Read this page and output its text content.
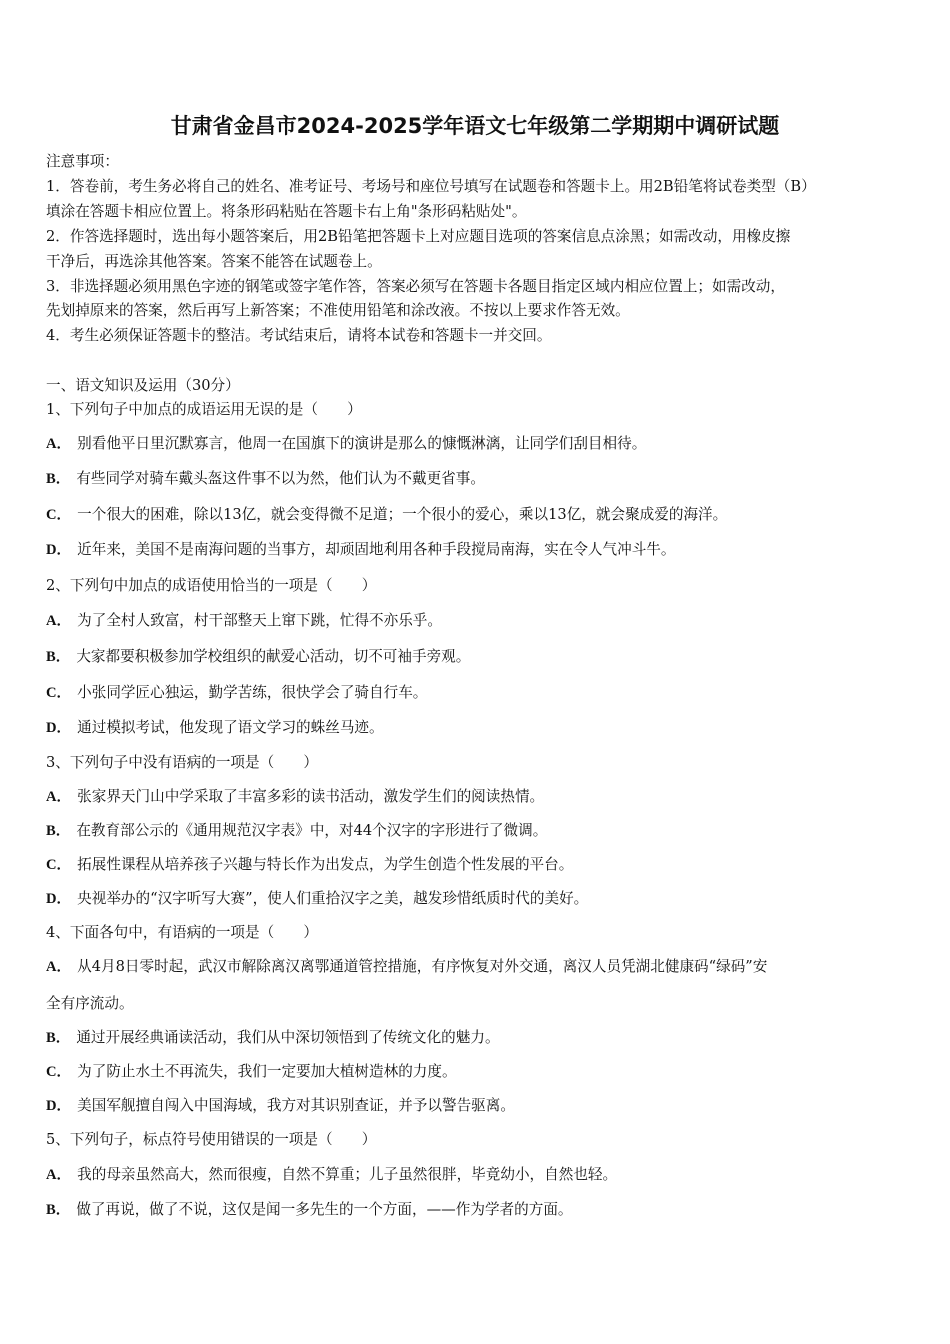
甘肃省金昌市2024-2025学年语文七年级第二学期期中调研试题
注意事项：
1．答卷前，考生务必将自己的姓名、准考证号、考场号和座位号填写在试题卷和答题卡上。用2B铅笔将试卷类型（B）
填涂在答题卡相应位置上。将条形码粘贴在答题卡右上角"条形码粘贴处"。
2．作答选择题时，选出每小题答案后，用2B铅笔把答题卡上对应题目选项的答案信息点涂黑；如需改动，用橡皮擦
干净后，再选涂其他答案。答案不能答在试题卷上。
3．非选择题必须用黑色字迹的钢笔或签字笔作答，答案必须写在答题卡各题目指定区域内相应位置上；如需改动，
先划掉原来的答案，然后再写上新答案；不准使用铅笔和涂改液。不按以上要求作答无效。
4．考生必须保证答题卡的整洁。考试结束后，请将本试卷和答题卡一并交回。
一、语文知识及运用（30分）
1、下列句子中加点的成语运用无误的是（　　）
A． 别看他平日里沉默寡言，他周一在国旗下的演讲是那么的慷慨淋漓，让同学们刮目相待。
B． 有些同学对骑车戴头盔这件事不以为然，他们认为不戴更省事。
C． 一个很大的困难，除以13亿，就会变得微不足道；一个很小的爱心，乘以13亿，就会聚成爱的海洋。
D． 近年来，美国不是南海问题的当事方，却顽固地利用各种手段搅局南海，实在令人气冲斗牛。
2、下列句中加点的成语使用恰当的一项是（　　）
A． 为了全村人致富，村干部整天上窜下跳，忙得不亦乐乎。
B． 大家都要积极参加学校组织的献爱心活动，切不可袖手旁观。
C． 小张同学匠心独运，勤学苦练，很快学会了骑自行车。
D． 通过模拟考试，他发现了语文学习的蛛丝马迹。
3、下列句子中没有语病的一项是（　　）
A． 张家界天门山中学采取了丰富多彩的读书活动，激发学生们的阅读热情。
B． 在教育部公示的《通用规范汉字表》中，对44个汉字的字形进行了微调。
C． 拓展性课程从培养孩子兴趣与特长作为出发点，为学生创造个性发展的平台。
D． 央视举办的“汉字听写大赛”，使人们重拾汉字之美，越发珍惜纸质时代的美好。
4、下面各句中，有语病的一项是（　　）
A． 从4月8日零时起，武汉市解除离汉离鄂通道管控措施，有序恢复对外交通，离汉人员凭湖北健康码“绿码”安
全有序流动。
B． 通过开展经典诵读活动，我们从中深切领悟到了传统文化的魅力。
C． 为了防止水土不再流失，我们一定要加大植树造林的力度。
D． 美国军舰擅自闯入中国海域，我方对其识别查证，并予以警告驱离。
5、下列句子，标点符号使用错误的一项是（　　）
A． 我的母亲虽然高大，然而很瘦，自然不算重；儿子虽然很胖，毕竟幼小，自然也轻。
B． 做了再说，做了不说，这仅是闻一多先生的一个方面，——作为学者的方面。
